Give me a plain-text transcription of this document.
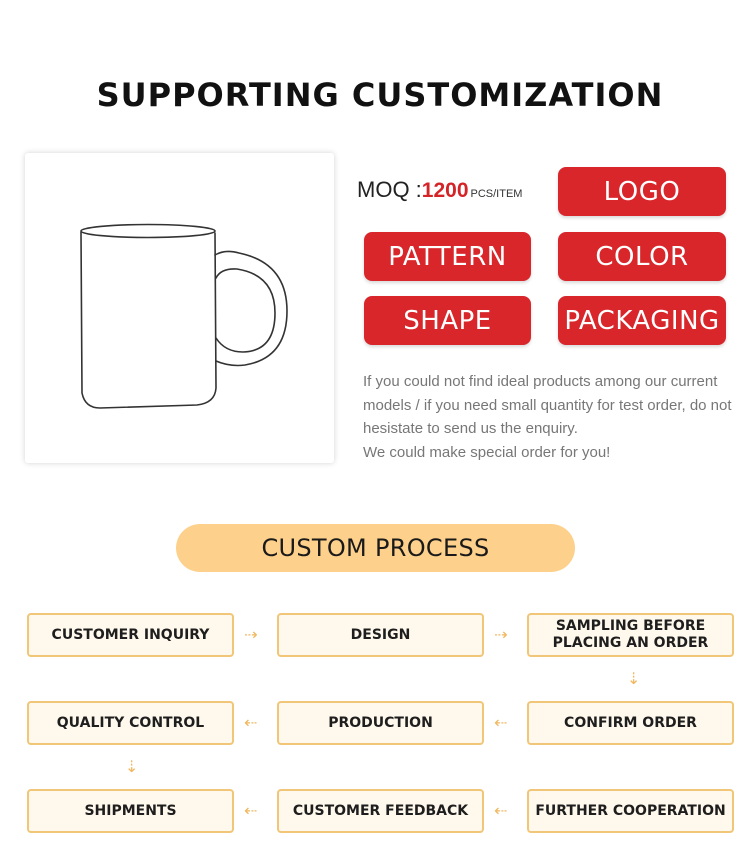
SUPPORTING CUSTOMIZATION
MOQ :1200 PCS/ITEM	LOGO
PATTERN	COLOR
SHAPE	PACKAGING

If you could not find ideal products among our current models / if you need small quantity for test order, do not hesistate to send us the enquiry.

We could make special order for you!

CUSTOM PROCESS
CUSTOMER INQUIRY	⇢	DESIGN	⇢
SAMPLING BEFORE PLACING AN ORDER
⇢
QUALITY CONTROL	⇠	PRODUCTION	⇠	CONFIRM ORDER
⇢
SHIPMENTS	⇠	CUSTOMER FEEDBACK	⇠	FURTHER COOPERATION
